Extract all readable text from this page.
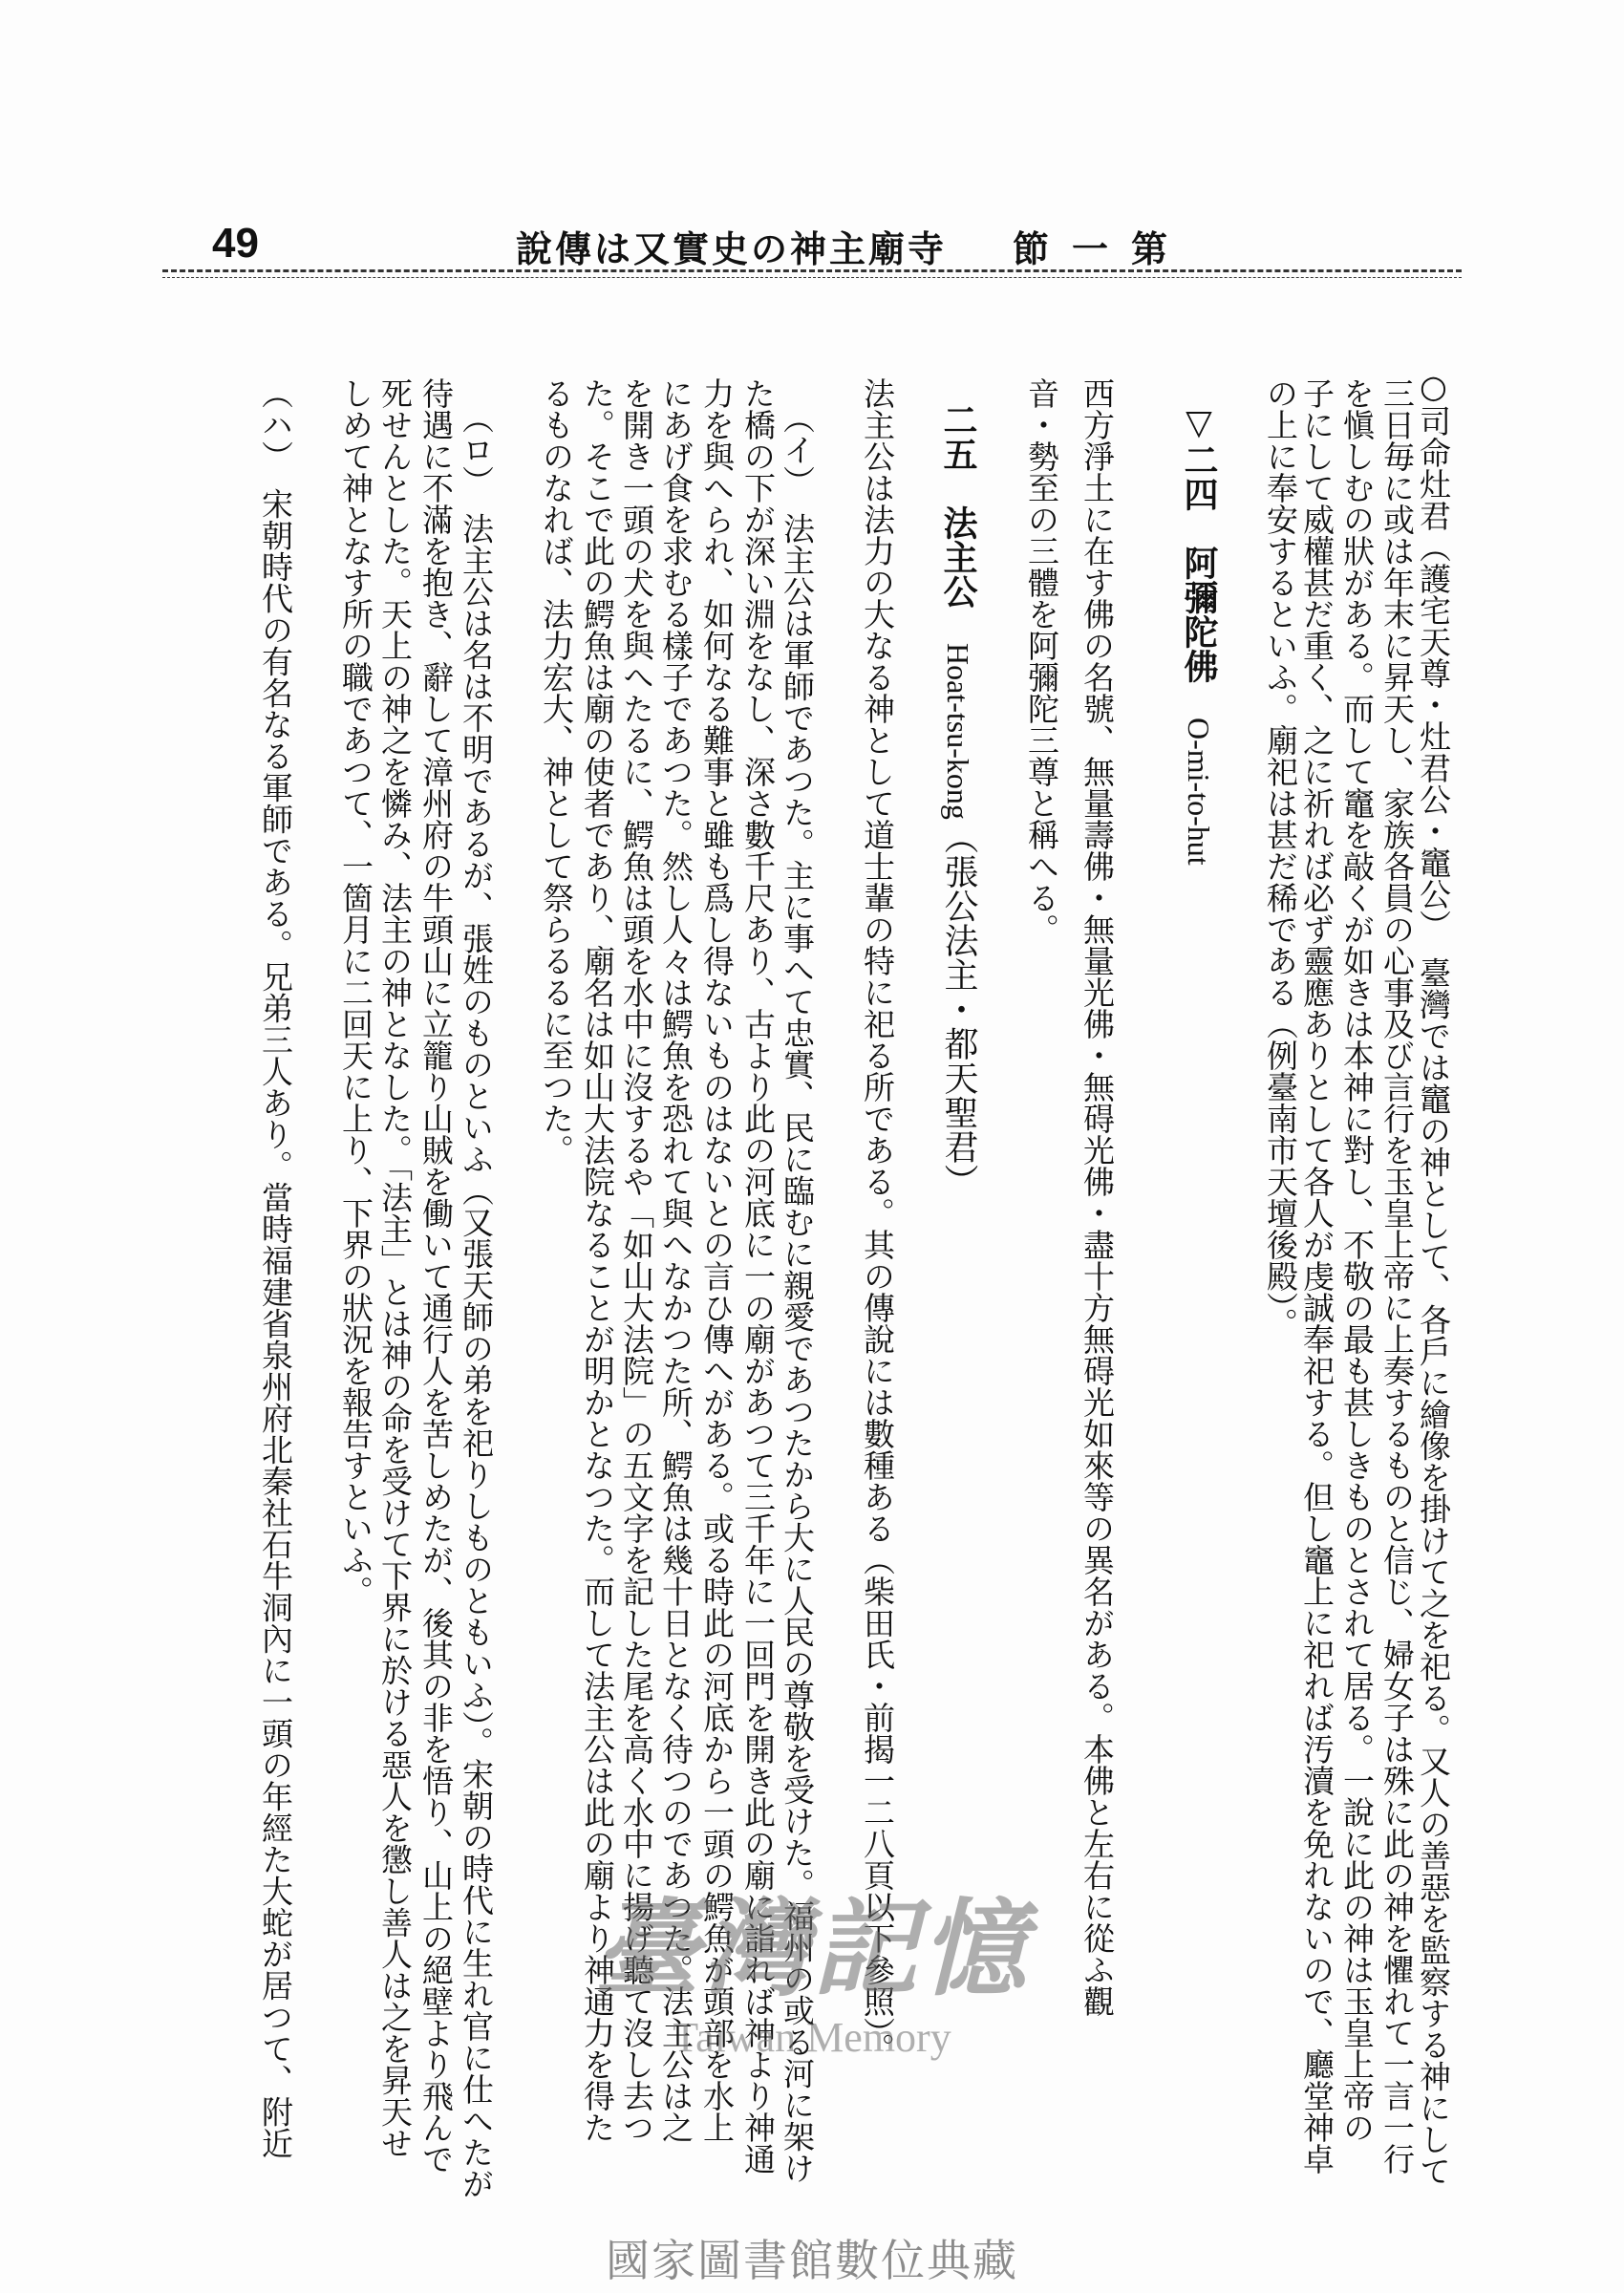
49	寺廟主神の史實又は傳說 第一節
○司命灶君（護宅天尊・灶君公・竈公）　臺灣では竈の神として、各戶に繪像を掛けて之を祀る。又人の善惡を監察する神にして
三日毎に或は年末に昇天し、家族各員の心事及び言行を玉皇上帝に上奏するものと信じ、婦女子は殊に此の神を懼れて一言一行
を愼しむの狀がある。而して竈を敲くが如きは本神に對し、不敬の最も甚しきものとされて居る。一說に此の神は玉皇上帝の
子にして威權甚だ重く、之に祈れば必ず靈應ありとして各人が虔誠奉祀する。但し竈上に祀れば汚瀆を免れないので、廳堂神卓
の上に奉安するといふ。廟祀は甚だ稀である（例臺南市天壇後殿）。
▽二四　阿彌陀佛　O-mi-to-hut
西方淨土に在す佛の名號、無量壽佛・無量光佛・無碍光佛・盡十方無碍光如來等の異名がある。本佛と左右に從ふ觀
音・勢至の三體を阿彌陀三尊と稱へる。
二五　法主公　Hoat-tsu-kong（張公法主・都天聖君）
法主公は法力の大なる神として道士輩の特に祀る所である。其の傳說には數種ある（柴田氏・前揭一二八頁以下參照）。
（イ）　法主公は軍師であつた。主に事へて忠實、民に臨むに親愛であつたから大に人民の尊敬を受けた。福州の或る河に架け
た橋の下が深い淵をなし、深さ數千尺あり、古より此の河底に一の廟があつて三千年に一回門を開き此の廟に詣れば神より神通
力を與へられ、如何なる難事と雖も爲し得ないものはないとの言ひ傳へがある。或る時此の河底から一頭の鰐魚が頭部を水上
にあげ食を求むる樣子であつた。然し人々は鰐魚を恐れて與へなかつた所、鰐魚は幾十日となく待つのであつた。法主公は之
を開き一頭の犬を與へたるに、鰐魚は頭を水中に沒するや「如山大法院」の五文字を記した尾を高く水中に揚げ聽て沒し去つ
た。そこで此の鰐魚は廟の使者であり、廟名は如山大法院なることが明かとなつた。而して法主公は此の廟より神通力を得た
るものなれば、法力宏大、神として祭らるるに至つた。
（ロ）　法主公は名は不明であるが、張姓のものといふ（又張天師の弟を祀りしものともいふ）。宋朝の時代に生れ官に仕へたが
待遇に不滿を抱き、辭して漳州府の牛頭山に立籠り山賊を働いて通行人を苦しめたが、後其の非を悟り、山上の絕壁より飛んで
死せんとした。天上の神之を憐み、法主の神となした。「法主」とは神の命を受けて下界に於ける惡人を懲し善人は之を昇天せ
しめて神となす所の職であつて、一箇月に二回天に上り、下界の狀況を報告すといふ。
（ハ）　宋朝時代の有名なる軍師である。兄弟三人あり。當時福建省泉州府北秦社石牛洞內に一頭の年經た大蛇が居つて、附近	臺灣記憶
Taiwan Memory
國家圖書館數位典藏
